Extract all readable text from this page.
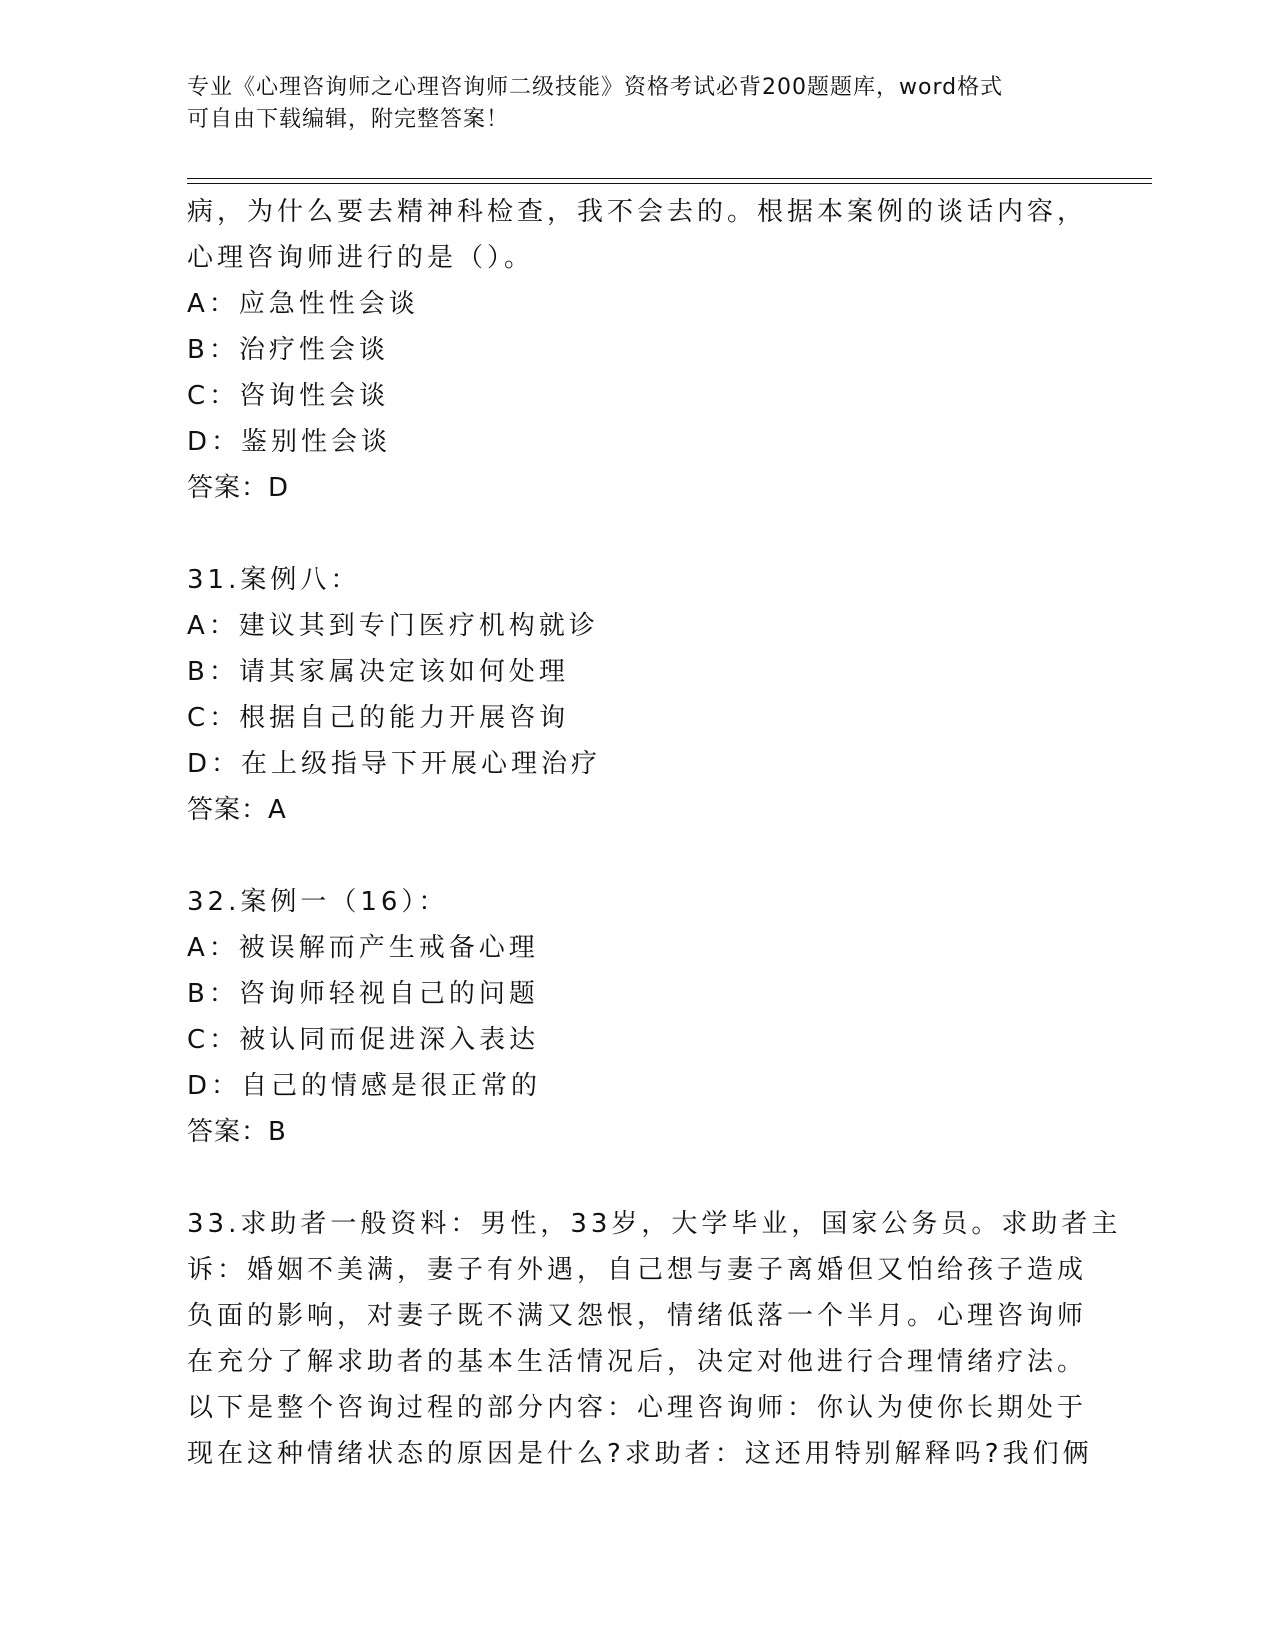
专业《心理咨询师之心理咨询师二级技能》资格考试必背200题题库，word格式
可自由下载编辑，附完整答案！
病，为什么要去精神科检查，我不会去的。根据本案例的谈话内容，
心理咨询师进行的是（）。
A：应急性性会谈
B：治疗性会谈
C：咨询性会谈
D：鉴别性会谈
答案：D
31.案例八：
A：建议其到专门医疗机构就诊
B：请其家属决定该如何处理
C：根据自己的能力开展咨询
D：在上级指导下开展心理治疗
答案：A
32.案例一（16）：
A：被误解而产生戒备心理
B：咨询师轻视自己的问题
C：被认同而促进深入表达
D：自己的情感是很正常的
答案：B
33.求助者一般资料：男性，33岁，大学毕业，国家公务员。求助者主
诉：婚姻不美满，妻子有外遇，自己想与妻子离婚但又怕给孩子造成
负面的影响，对妻子既不满又怨恨，情绪低落一个半月。心理咨询师
在充分了解求助者的基本生活情况后，决定对他进行合理情绪疗法。
以下是整个咨询过程的部分内容：心理咨询师：你认为使你长期处于
现在这种情绪状态的原因是什么?求助者：这还用特别解释吗?我们俩
